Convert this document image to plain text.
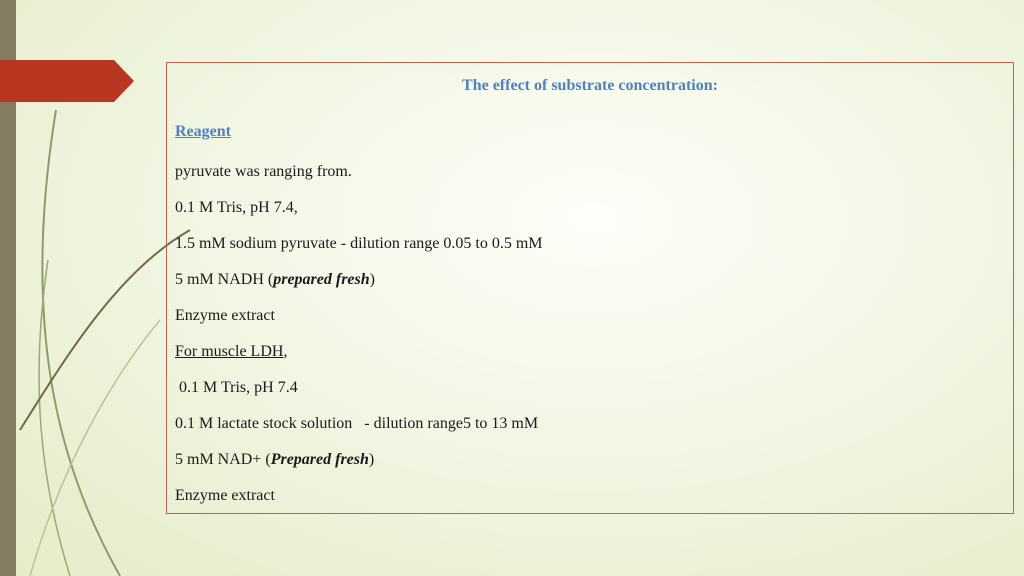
The effect of substrate concentration:
Reagent
pyruvate was ranging from.
0.1 M Tris, pH 7.4,
1.5 mM sodium pyruvate - dilution range 0.05 to 0.5 mM
5 mM NADH (prepared fresh)
Enzyme extract
For muscle LDH,
0.1 M Tris, pH 7.4
0.1 M lactate stock solution   - dilution range5 to 13 mM
5 mM NAD+ (Prepared fresh)
Enzyme extract
